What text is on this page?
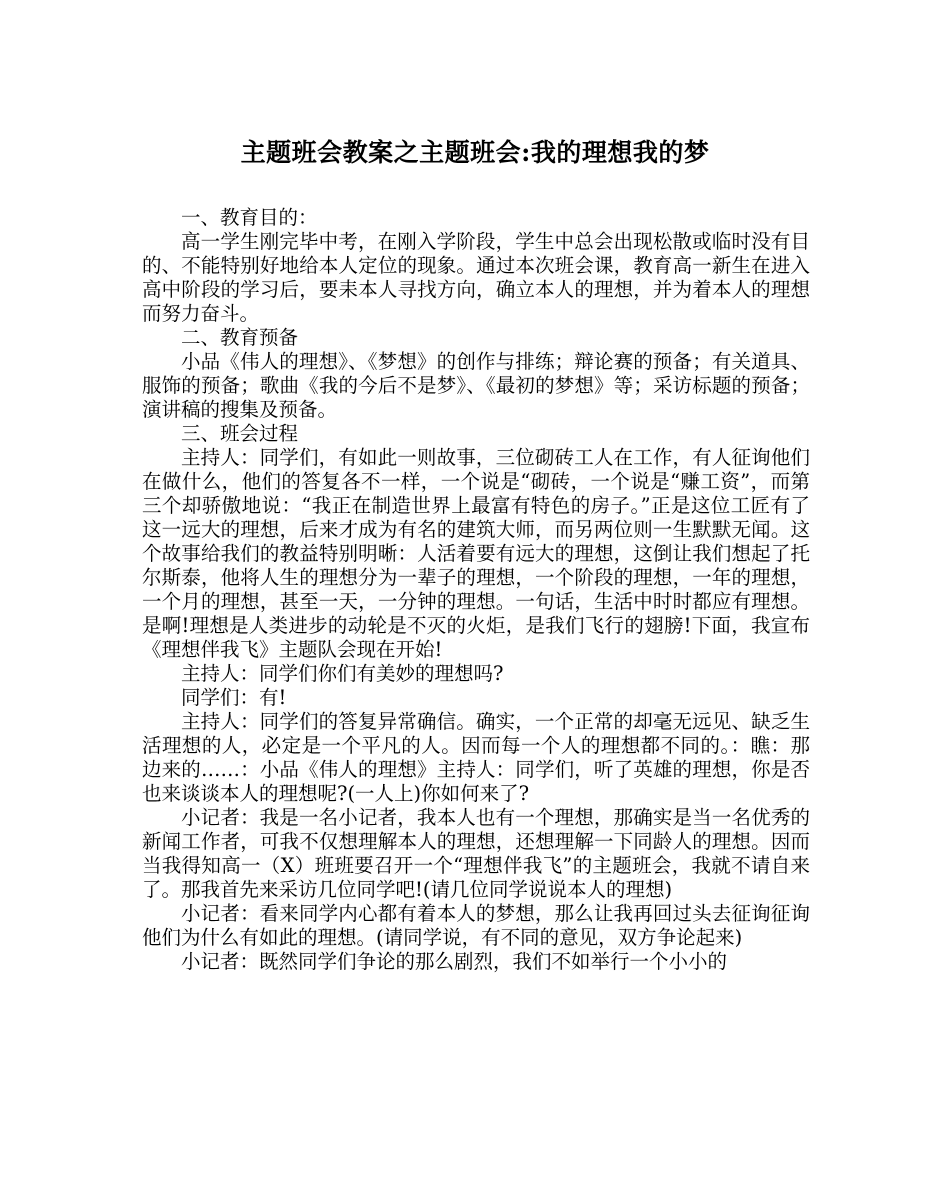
主题班会教案之主题班会:我的理想我的梦

一、教育目的：

高一学生刚完毕中考，在刚入学阶段，学生中总会出现松散或临时没有目的、不能特别好地给本人定位的现象。通过本次班会课，教育高一新生在进入高中阶段的学习后，要耒本人寻找方向，确立本人的理想，并为着本人的理想而努力奋斗。

二、教育预备

小品《伟人的理想》、《梦想》的创作与排练；辩论赛的预备；有关道具、服饰的预备；歌曲《我的今后不是梦》、《最初的梦想》等；采访标题的预备；演讲稿的搜集及预备。

三、班会过程

主持人：同学们，有如此一则故事，三位砌砖工人在工作，有人征询他们在做什么，他们的答复各不一样，一个说是“砌砖，一个说是“赚工资”，而第三个却骄傲地说：“我正在制造世界上最富有特色的房子。”正是这位工匠有了这一远大的理想，后来才成为有名的建筑大师，而另两位则一生默默无闻。这个故事给我们的教益特别明晰：人活着要有远大的理想，这倒让我们想起了托尔斯泰，他将人生的理想分为一辈子的理想，一个阶段的理想，一年的理想，一个月的理想，甚至一天，一分钟的理想。一句话，生活中时时都应有理想。是啊!理想是人类进步的动轮是不灭的火炬，是我们飞行的翅膀!下面，我宣布《理想伴我飞》主题队会现在开始!

主持人：同学们你们有美妙的理想吗?

同学们：有!

主持人：同学们的答复异常确信。确实，一个正常的却毫无远见、缺乏生活理想的人，必定是一个平凡的人。因而每一个人的理想都不同的。：瞧：那边来的……：小品《伟人的理想》主持人：同学们，听了英雄的理想，你是否也来谈谈本人的理想呢?(一人上)你如何来了?

小记者：我是一名小记者，我本人也有一个理想，那确实是当一名优秀的新闻工作者，可我不仅想理解本人的理想，还想理解一下同龄人的理想。因而当我得知高一（X）班班要召开一个“理想伴我飞”的主题班会，我就不请自来了。那我首先来采访几位同学吧!(请几位同学说说本人的理想)

小记者：看来同学内心都有着本人的梦想，那么让我再回过头去征询征询他们为什么有如此的理想。(请同学说，有不同的意见，双方争论起来)

小记者：既然同学们争论的那么剧烈，我们不如举行一个小小的
